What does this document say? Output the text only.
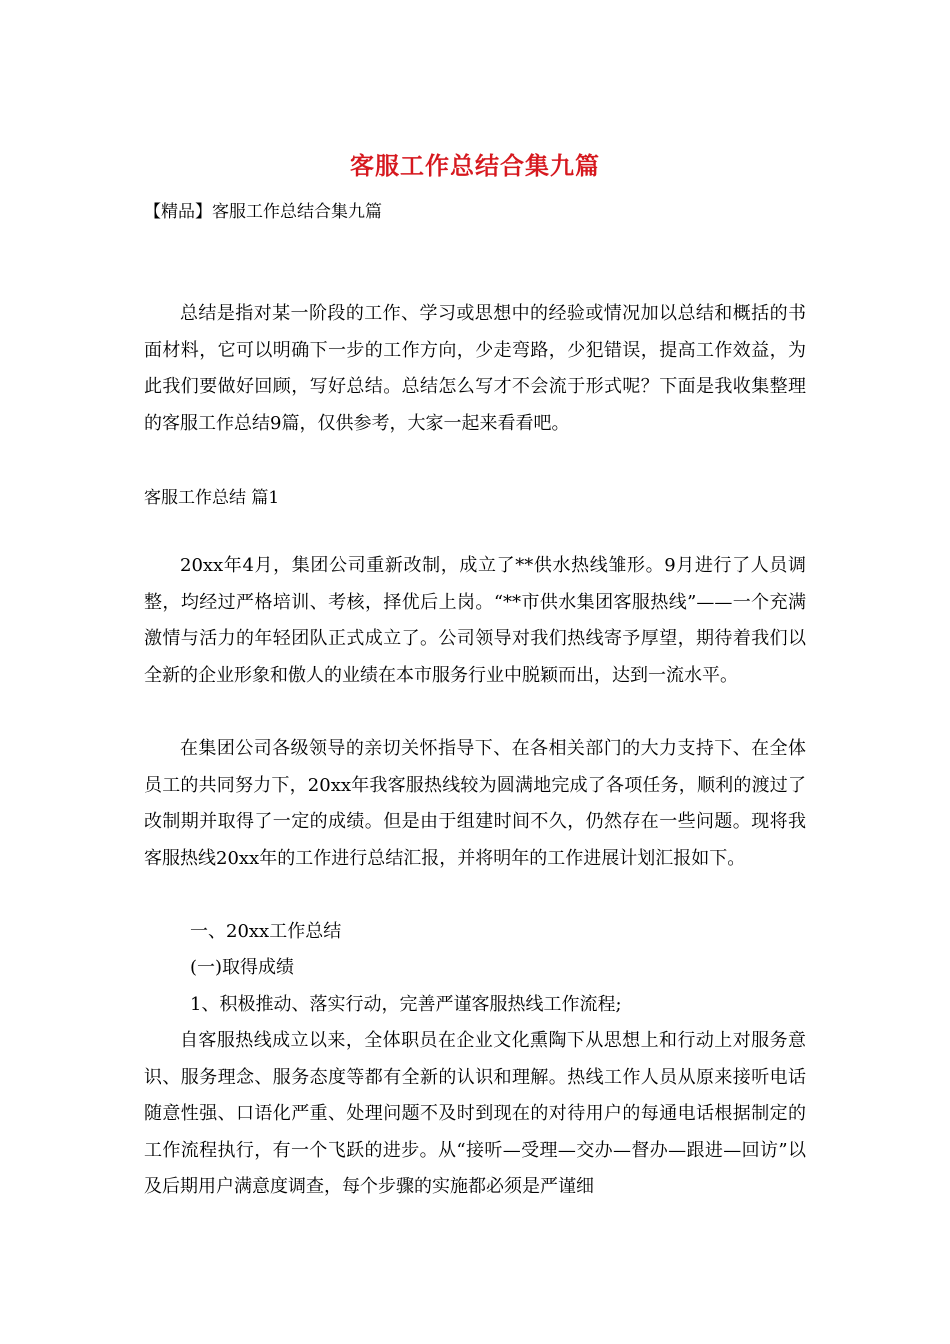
客服工作总结合集九篇
【精品】客服工作总结合集九篇

总结是指对某一阶段的工作、学习或思想中的经验或情况加以总结和概括的书面材料，它可以明确下一步的工作方向，少走弯路，少犯错误，提高工作效益，为此我们要做好回顾，写好总结。总结怎么写才不会流于形式呢？下面是我收集整理的客服工作总结9篇，仅供参考，大家一起来看看吧。

客服工作总结 篇1

20xx年4月，集团公司重新改制，成立了**供水热线雏形。9月进行了人员调整，均经过严格培训、考核，择优后上岗。“**市供水集团客服热线”——一个充满激情与活力的年轻团队正式成立了。公司领导对我们热线寄予厚望，期待着我们以全新的企业形象和傲人的业绩在本市服务行业中脱颖而出，达到一流水平。

在集团公司各级领导的亲切关怀指导下、在各相关部门的大力支持下、在全体员工的共同努力下，20xx年我客服热线较为圆满地完成了各项任务，顺利的渡过了改制期并取得了一定的成绩。但是由于组建时间不久，仍然存在一些问题。现将我客服热线20xx年的工作进行总结汇报，并将明年的工作进展计划汇报如下。

一、20xx工作总结
(一)取得成绩
1、积极推动、落实行动，完善严谨客服热线工作流程;

自客服热线成立以来，全体职员在企业文化熏陶下从思想上和行动上对服务意识、服务理念、服务态度等都有全新的认识和理解。热线工作人员从原来接听电话随意性强、口语化严重、处理问题不及时到现在的对待用户的每通电话根据制定的工作流程执行，有一个飞跃的进步。从“接听—受理—交办—督办—跟进—回访”以及后期用户满意度调查，每个步骤的实施都必须是严谨细
